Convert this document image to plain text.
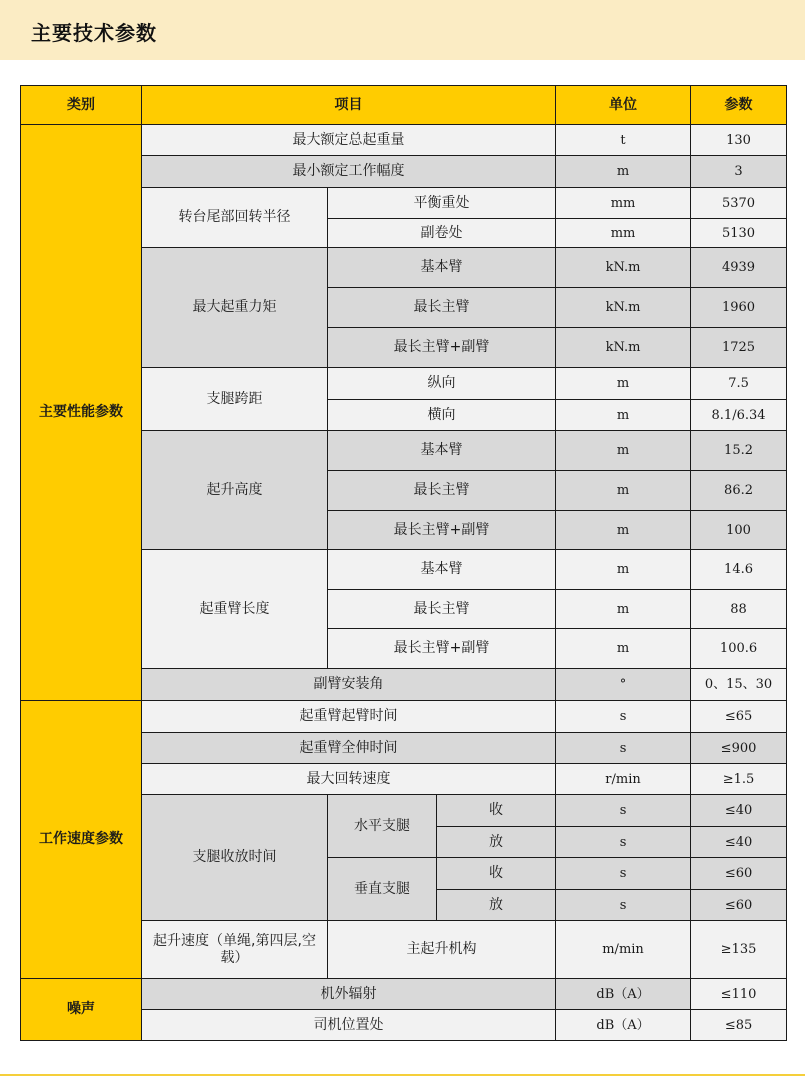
主要技术参数
类别	项目			单位	参数
主要性能参数	最大额定总起重量			t	130
	最小额定工作幅度			m	3
	转台尾部回转半径	平衡重处		mm	5370
		副卷处		mm	5130
	最大起重力矩	基本臂		kN.m	4939
		最长主臂		kN.m	1960
		最长主臂+副臂		kN.m	1725
	支腿跨距	纵向		m	7.5
		横向		m	8.1/6.34
	起升高度	基本臂		m	15.2
		最长主臂		m	86.2
		最长主臂+副臂		m	100
	起重臂长度	基本臂		m	14.6
		最长主臂		m	88
		最长主臂+副臂		m	100.6
	副臂安装角			°	0、15、30
工作速度参数	起重臂起臂时间			s	≤65
	起重臂全伸时间			s	≤900
	最大回转速度			r/min	≥1.5
	支腿收放时间	水平支腿	收	s	≤40
			放	s	≤40
		垂直支腿	收	s	≤60
			放	s	≤60
	起升速度（单绳,第四层,空载）	主起升机构		m/min	≥135
噪声	机外辐射			dB（A）	≤110
	司机位置处			dB（A）	≤85
